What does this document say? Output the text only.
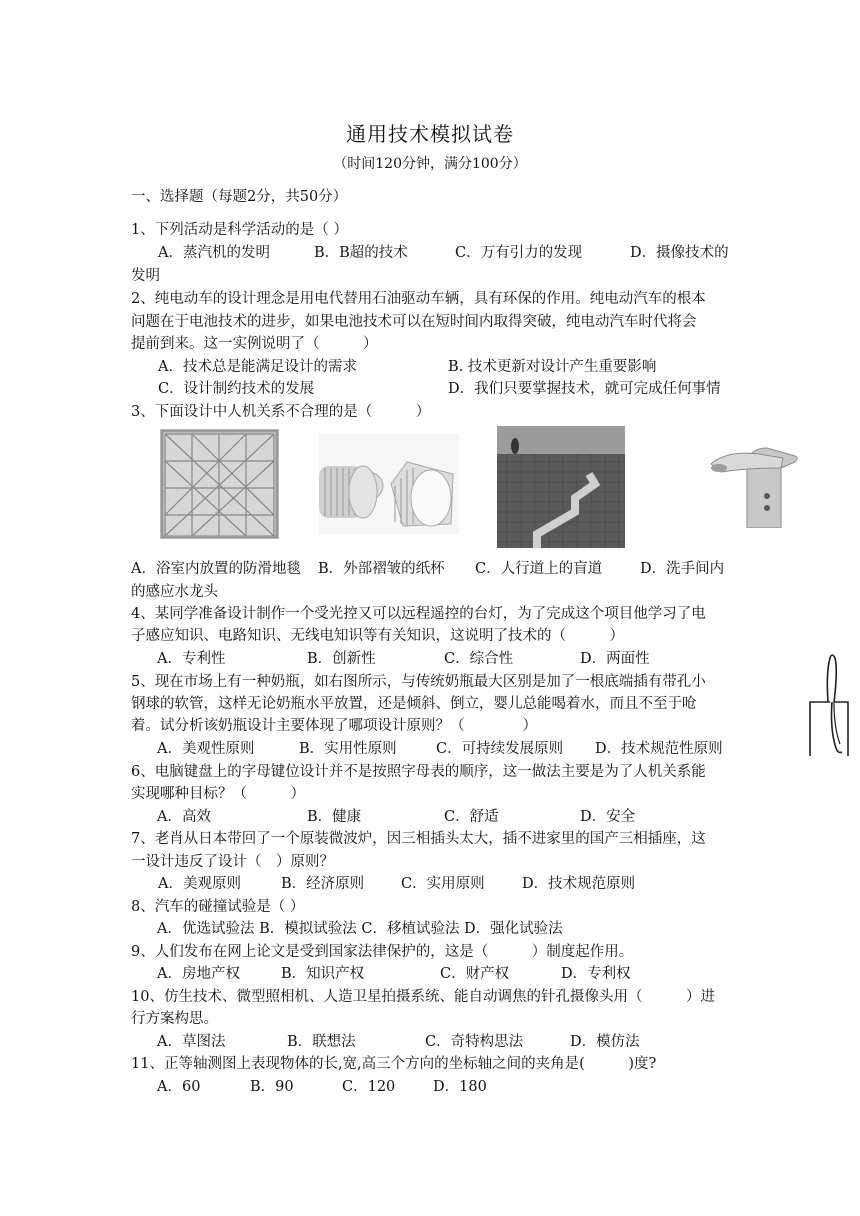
通用技术模拟试卷
（时间120分钟，满分100分）
一、选择题（每题2分，共50分）
1、下列活动是科学活动的是（ ）
A．蒸汽机的发明	B．B超的技术	C．万有引力的发现	D．摄像技术的
发明
2、纯电动车的设计理念是用电代替用石油驱动车辆，具有环保的作用。纯电动汽车的根本
问题在于电池技术的进步，如果电池技术可以在短时间内取得突破，纯电动汽车时代将会
提前到来。这一实例说明了（　　　）
A．技术总是能满足设计的需求	B. 技术更新对设计产生重要影响
C．设计制约技术的发展	D．我们只要掌握技术，就可完成任何事情
3、下面设计中人机关系不合理的是（　　　）
A．浴室内放置的防滑地毯 B．外部褶皱的纸杯 C．人行道上的盲道	D．洗手间内
的感应水龙头
4、某同学准备设计制作一个受光控又可以远程遥控的台灯，为了完成这个项目他学习了电
子感应知识、电路知识、无线电知识等有关知识，这说明了技术的（　　　）
A．专利性	B．创新性	C．综合性	D．两面性
5、现在市场上有一种奶瓶，如右图所示，与传统奶瓶最大区别是加了一根底端插有带孔小
钢球的软管，这样无论奶瓶水平放置，还是倾斜、倒立，婴儿总能喝着水，而且不至于呛
着。试分析该奶瓶设计主要体现了哪项设计原则？（　　　　）
A．美观性原则	B．实用性原则	C．可持续发展原则 D．技术规范性原则
6、电脑键盘上的字母键位设计并不是按照字母表的顺序，这一做法主要是为了人机关系能
实现哪种目标？（　　　）
A．高效	B．健康	C．舒适	D．安全
7、老肖从日本带回了一个原装微波炉，因三相插头太大，插不进家里的国产三相插座，这
一设计违反了设计（　）原则？
A．美观原则	B．经济原则	C．实用原则	D．技术规范原则
8、汽车的碰撞试验是（ ）
A．优选试验法 B．模拟试验法 C．移植试验法 D．强化试验法
9、人们发布在网上论文是受到国家法律保护的，这是（　　　）制度起作用。
A．房地产权	B．知识产权	C．财产权	D．专利权
10、仿生技术、微型照相机、人造卫星拍摄系统、能自动调焦的针孔摄像头用（　　　）进
行方案构思。
A．草图法	B．联想法	C．奇特构思法	D．模仿法
11、正等轴测图上表现物体的长,宽,高三个方向的坐标轴之间的夹角是(　　　)度?
A．60	B．90	C．120	D．180
